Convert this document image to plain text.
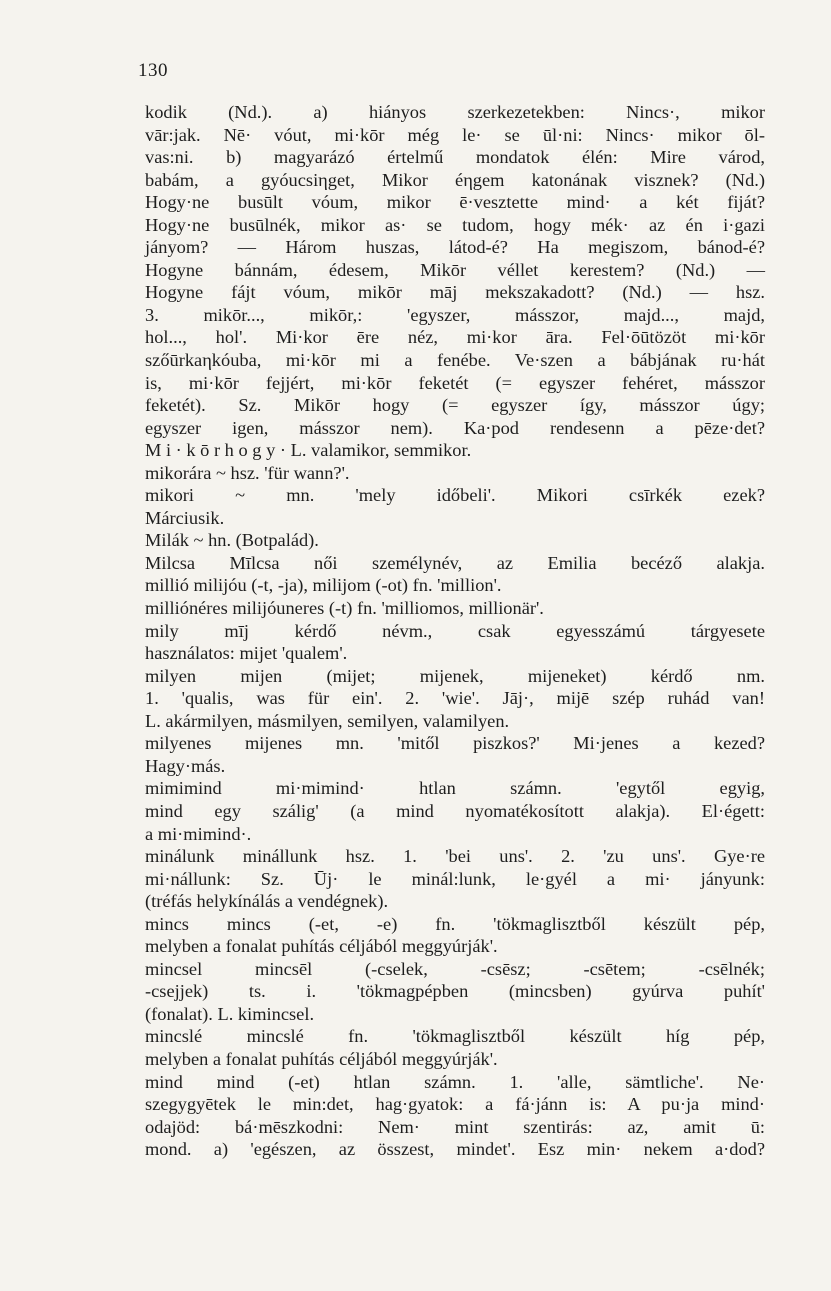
130
kodik (Nd.). a) hiányos szerkezetekben: Nincs·, mikor
vār:jak. Nē· vóut, mi·kōr még le· se ūl·ni: Nincs· mikor ōl-
vas:ni. b) magyarázó értelmű mondatok élén: Mire várod,
babám, a gyóucsiηget, Mikor éηgem katonának visznek? (Nd.)
Hogy·ne busūlt vóum, mikor ē·vesztette mind· a két fiját?
Hogy·ne busūlnék, mikor as· se tudom, hogy mék· az én i·gazi
jányom? — Három huszas, látod-é? Ha megiszom, bánod-é?
Hogyne bánnám, édesem, Mikōr véllet kerestem? (Nd.) —
Hogyne fájt vóum, mikōr māj mekszakadott? (Nd.) — hsz.
3. mikōr..., mikōr,: 'egyszer, másszor, majd..., majd,
hol..., hol'. Mi·kor ēre néz, mi·kor āra. Fel·ōūtözöt mi·kōr
szőūrkaηkóuba, mi·kōr mi a fenébe. Ve·szen a bábjának ru·hát
is, mi·kōr fejjért, mi·kōr feketét (= egyszer fehéret, másszor
feketét). Sz. Mikōr hogy (= egyszer így, másszor úgy;
egyszer igen, másszor nem). Ka·pod rendesenn a pēze·det?
M i · k ō r h o g y · L. valamikor, semmikor.
mikorára ~ hsz. 'für wann?'.
mikori ~ mn. 'mely időbeli'. Mikori csīrkék ezek?
Márciusik.
Milák ~ hn. (Botpalád).
Milcsa Mīlcsa női személynév, az Emilia becéző alakja.
millió milijóu (-t, -ja), milijom (-ot) fn. 'million'.
milliónéres milijóuneres (-t) fn. 'milliomos, millionär'.
mily mīj kérdő névm., csak egyesszámú tárgyesete
használatos: mijet 'qualem'.
milyen mijen (mijet; mijenek, mijeneket) kérdő nm.
1. 'qualis, was für ein'. 2. 'wie'. Jāj·, mijē szép ruhád van!
L. akármilyen, másmilyen, semilyen, valamilyen.
milyenes mijenes mn. 'mitől piszkos?' Mi·jenes a kezed?
Hagy·más.
mimimind mi·mimind· htlan számn. 'egytől egyig,
mind egy szálig' (a mind nyomatékosított alakja). El·égett:
a mi·mimind·.
minálunk minállunk hsz. 1. 'bei uns'. 2. 'zu uns'. Gye·re
mi·nállunk: Sz. Ūj· le minál:lunk, le·gyél a mi· jányunk:
(tréfás helykínálás a vendégnek).
mincs mincs (-et, -e) fn. 'tökmaglisztből készült pép,
melyben a fonalat puhítás céljából meggyúrják'.
mincsel mincsēl (-cselek, -csēsz; -csētem; -csēlnék;
-csejjek) ts. i. 'tökmagpépben (mincsben) gyúrva puhít'
(fonalat). L. kimincsel.
mincslé mincslé fn. 'tökmaglisztből készült híg pép,
melyben a fonalat puhítás céljából meggyúrják'.
mind mind (-et) htlan számn. 1. 'alle, sämtliche'. Ne·
szegygyētek le min:det, hag·gyatok: a fá·jánn is: A pu·ja mind·
odajöd: bá·mēszkodni: Nem· mint szentirás: az, amit ū:
mond. a) 'egészen, az összest, mindet'. Esz min· nekem a·dod?
